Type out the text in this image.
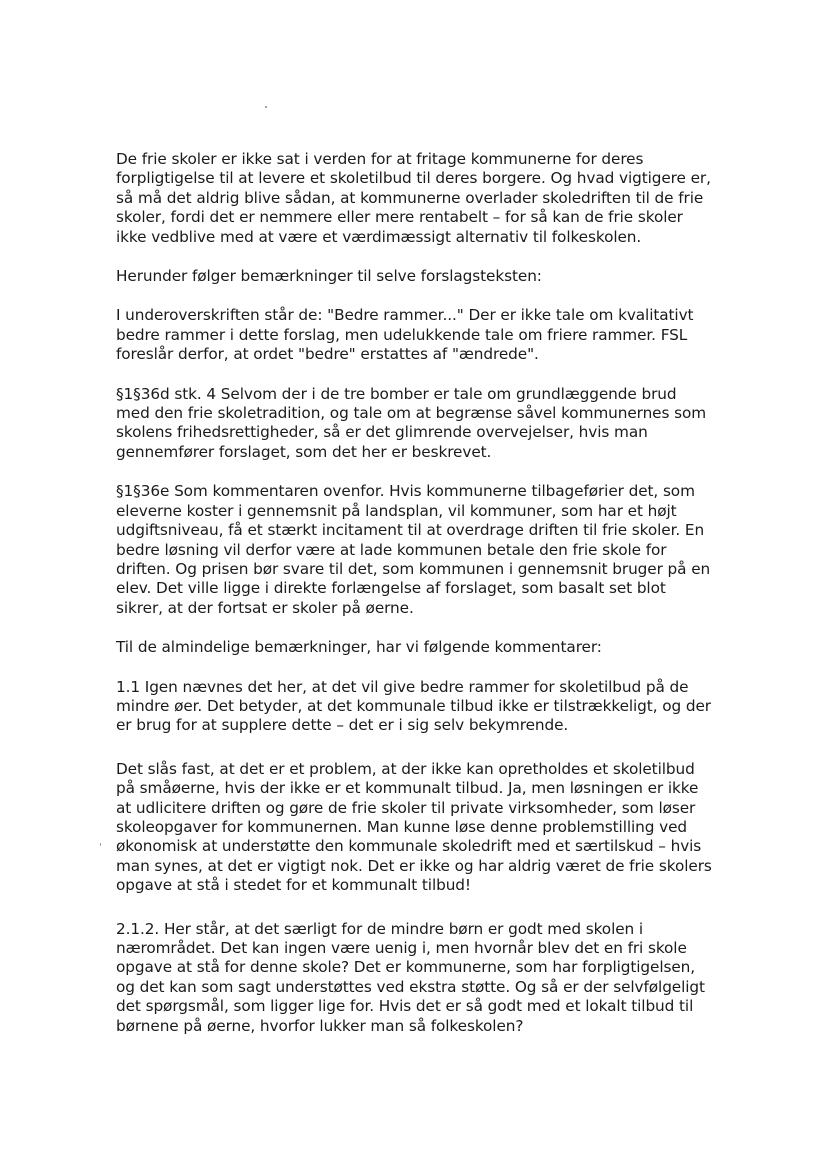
De frie skoler er ikke sat i verden for at fritage kommunerne for deres
forpligtigelse til at levere et skoletilbud til deres borgere. Og hvad vigtigere er,
så må det aldrig blive sådan, at kommunerne overlader skoledriften til de frie
skoler, fordi det er nemmere eller mere rentabelt – for så kan de frie skoler
ikke vedblive med at være et værdimæssigt alternativ til folkeskolen.
Herunder følger bemærkninger til selve forslagsteksten:
I underoverskriften står de: "Bedre rammer..." Der er ikke tale om kvalitativt
bedre rammer i dette forslag, men udelukkende tale om friere rammer. FSL
foreslår derfor, at ordet "bedre" erstattes af "ændrede".
§1§36d stk. 4 Selvom der i de tre bomber er tale om grundlæggende brud
med den frie skoletradition, og tale om at begrænse såvel kommunernes som
skolens frihedsrettigheder, så er det glimrende overvejelser, hvis man
gennemfører forslaget, som det her er beskrevet.
§1§36e Som kommentaren ovenfor. Hvis kommunerne tilbageførier det, som
eleverne koster i gennemsnit på landsplan, vil kommuner, som har et højt
udgiftsniveau, få et stærkt incitament til at overdrage driften til frie skoler. En
bedre løsning vil derfor være at lade kommunen betale den frie skole for
driften. Og prisen bør svare til det, som kommunen i gennemsnit bruger på en
elev. Det ville ligge i direkte forlængelse af forslaget, som basalt set blot
sikrer, at der fortsat er skoler på øerne.
Til de almindelige bemærkninger, har vi følgende kommentarer:
1.1 Igen nævnes det her, at det vil give bedre rammer for skoletilbud på de
mindre øer. Det betyder, at det kommunale tilbud ikke er tilstrækkeligt, og der
er brug for at supplere dette – det er i sig selv bekymrende.
Det slås fast, at det er et problem, at der ikke kan opretholdes et skoletilbud
på småøerne, hvis der ikke er et kommunalt tilbud. Ja, men løsningen er ikke
at udlicitere driften og gøre de frie skoler til private virksomheder, som løser
skoleopgaver for kommunernen. Man kunne løse denne problemstilling ved
økonomisk at understøtte den kommunale skoledrift med et særtilskud – hvis
man synes, at det er vigtigt nok. Det er ikke og har aldrig været de frie skolers
opgave at stå i stedet for et kommunalt tilbud!
2.1.2. Her står, at det særligt for de mindre børn er godt med skolen i
nærområdet. Det kan ingen være uenig i, men hvornår blev det en fri skole
opgave at stå for denne skole? Det er kommunerne, som har forpligtigelsen,
og det kan som sagt understøttes ved ekstra støtte. Og så er der selvfølgeligt
det spørgsmål, som ligger lige for. Hvis det er så godt med et lokalt tilbud til
børnene på øerne, hvorfor lukker man så folkeskolen?
